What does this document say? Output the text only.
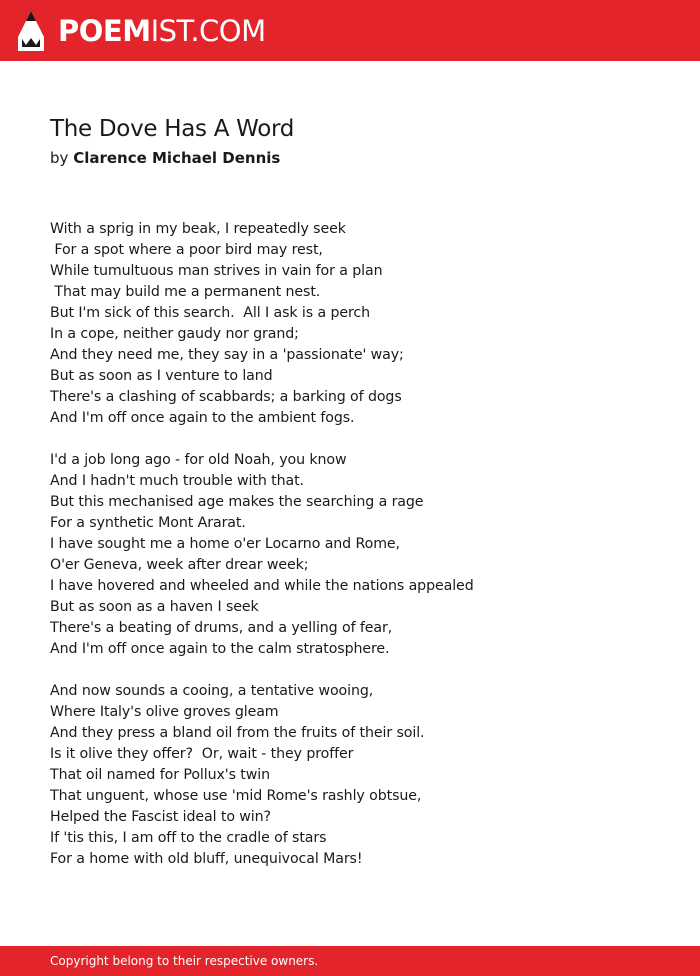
POEMIST.COM
The Dove Has A Word
by Clarence Michael Dennis
With a sprig in my beak, I repeatedly seek
For a spot where a poor bird may rest,
While tumultuous man strives in vain for a plan
That may build me a permanent nest.
But I'm sick of this search.  All I ask is a perch
In a cope, neither gaudy nor grand;
And they need me, they say in a 'passionate' way;
But as soon as I venture to land
There's a clashing of scabbards; a barking of dogs
And I'm off once again to the ambient fogs.
I'd a job long ago - for old Noah, you know
And I hadn't much trouble with that.
But this mechanised age makes the searching a rage
For a synthetic Mont Ararat.
I have sought me a home o'er Locarno and Rome,
O'er Geneva, week after drear week;
I have hovered and wheeled and while the nations appealed
But as soon as a haven I seek
There's a beating of drums, and a yelling of fear,
And I'm off once again to the calm stratosphere.
And now sounds a cooing, a tentative wooing,
Where Italy's olive groves gleam
And they press a bland oil from the fruits of their soil.
Is it olive they offer?  Or, wait - they proffer
That oil named for Pollux's twin
That unguent, whose use 'mid Rome's rashly obtsue,
Helped the Fascist ideal to win?
If 'tis this, I am off to the cradle of stars
For a home with old bluff, unequivocal Mars!
Copyright belong to their respective owners.
